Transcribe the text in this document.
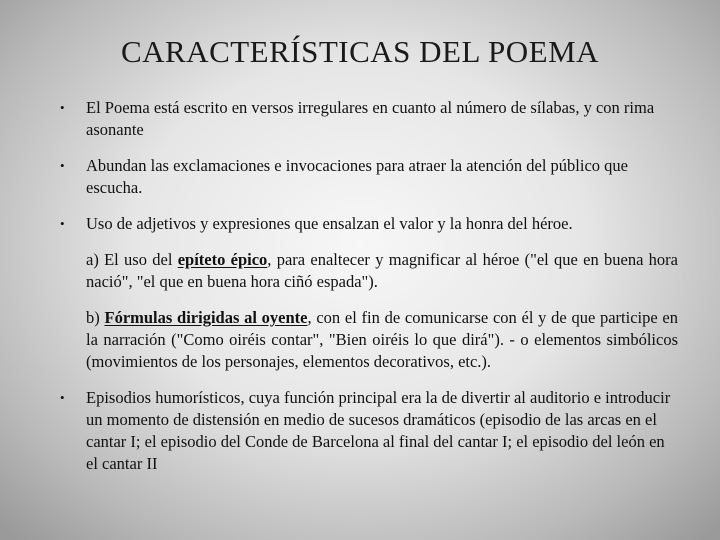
CARACTERÍSTICAS DEL POEMA
•	El Poema está escrito en versos irregulares en cuanto al número de sílabas, y con rima asonante
•	Abundan las exclamaciones e invocaciones para atraer la atención del público que escucha.
•	Uso de adjetivos y expresiones que ensalzan el valor y la honra del héroe.
a) El uso del epíteto épico, para enaltecer y magnificar al héroe ("el que en buena hora nació", "el que en buena hora ciñó espada").
b) Fórmulas dirigidas al oyente, con el fin de comunicarse con él y de que participe en la narración ("Como oiréis contar", "Bien oiréis lo que dirá"). - o elementos simbólicos (movimientos de los personajes, elementos decorativos, etc.).
•	Episodios humorísticos, cuya función principal era la de divertir al auditorio e introducir un momento de distensión en medio de sucesos dramáticos (episodio de las arcas en el cantar I; el episodio del Conde de Barcelona al final del cantar I; el episodio del león en el cantar II
